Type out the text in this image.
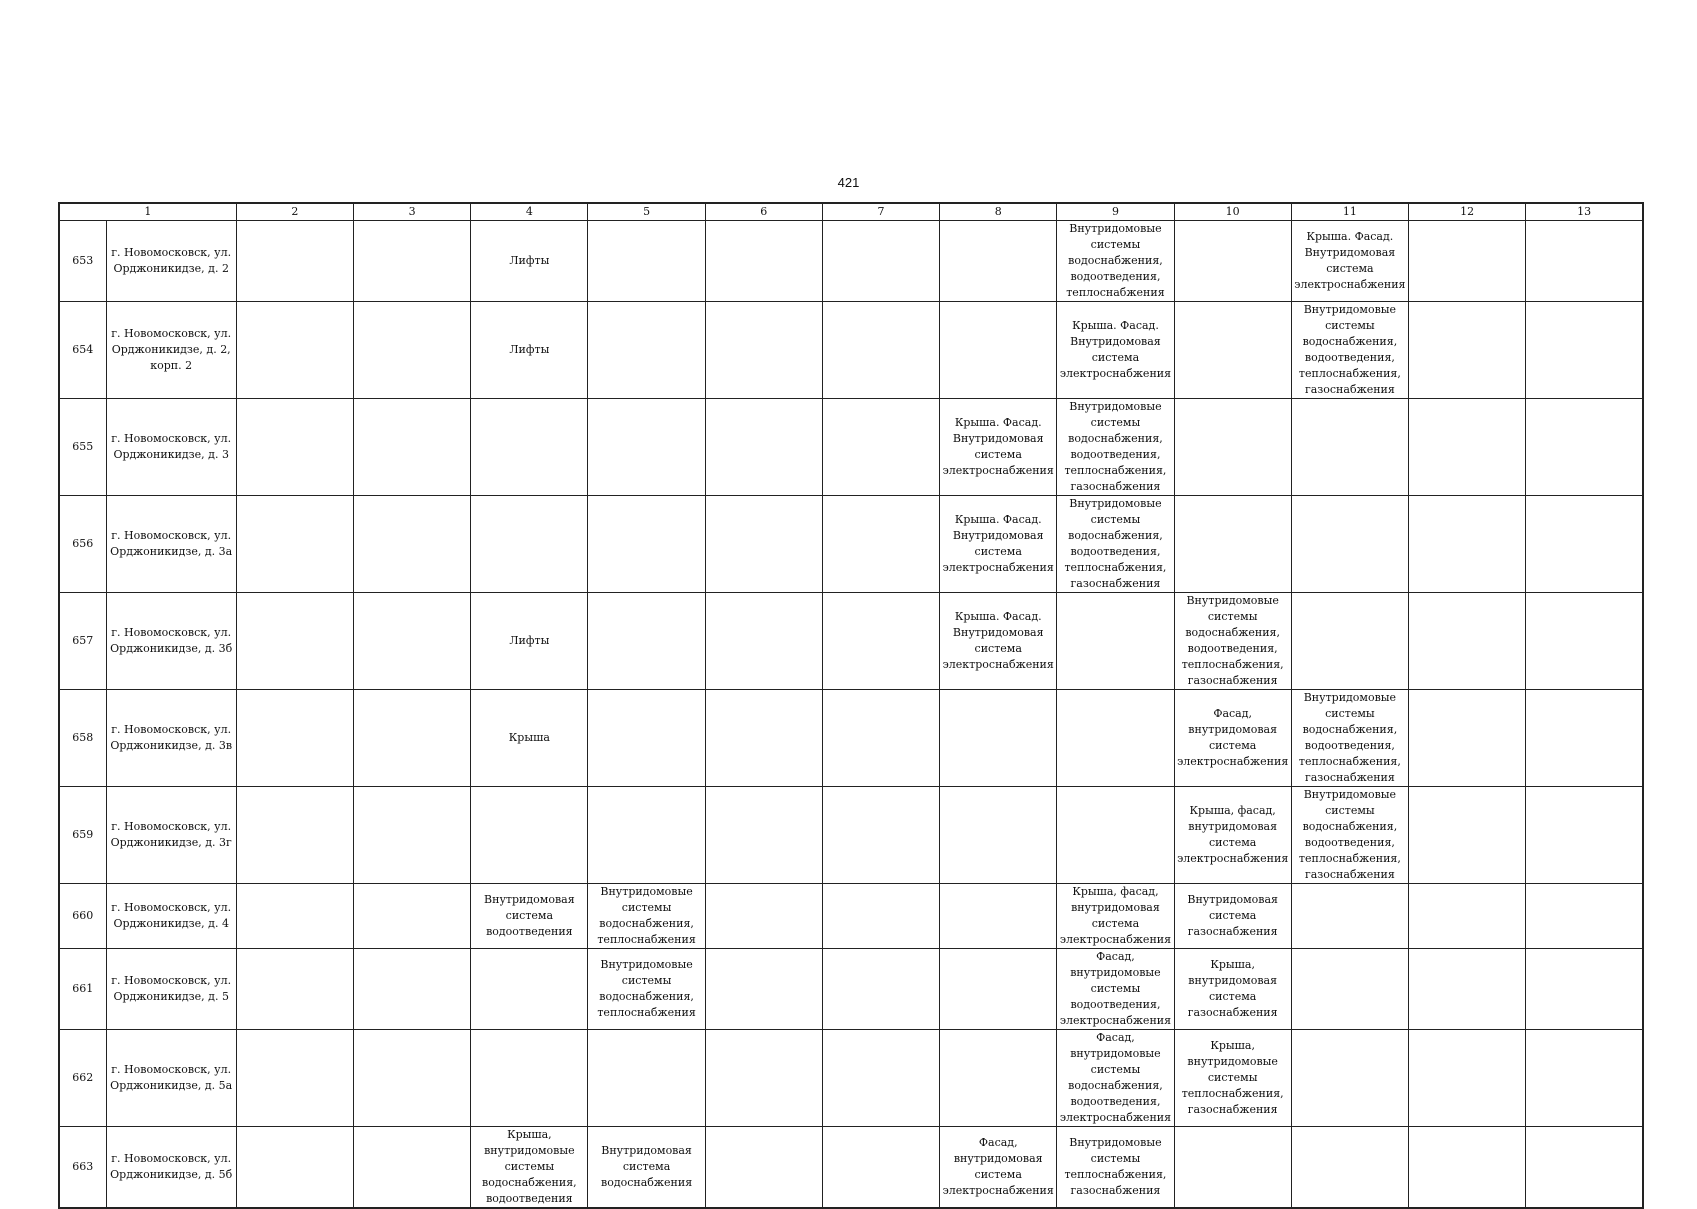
421
1		2	3	4	5	6	7	8	9	10	11	12	13
653	г. Новомосковск, ул. Орджоникидзе, д. 2			Лифты					Внутридомовые системы водоснабжения, водоотведения, теплоснабжения		Крыша. Фасад. Внутридомовая система электроснабжения		
654	г. Новомосковск, ул. Орджоникидзе, д. 2, корп. 2			Лифты					Крыша. Фасад. Внутридомовая система электроснабжения		Внутридомовые системы водоснабжения, водоотведения, теплоснабжения, газоснабжения		
655	г. Новомосковск, ул. Орджоникидзе, д. 3							Крыша. Фасад. Внутридомовая система электроснабжения	Внутридомовые системы водоснабжения, водоотведения, теплоснабжения, газоснабжения				
656	г. Новомосковск, ул. Орджоникидзе, д. 3а							Крыша. Фасад. Внутридомовая система электроснабжения	Внутридомовые системы водоснабжения, водоотведения, теплоснабжения, газоснабжения				
657	г. Новомосковск, ул. Орджоникидзе, д. 3б			Лифты				Крыша. Фасад. Внутридомовая система электроснабжения		Внутридомовые системы водоснабжения, водоотведения, теплоснабжения, газоснабжения			
658	г. Новомосковск, ул. Орджоникидзе, д. 3в			Крыша						Фасад, внутридомовая система электроснабжения	Внутридомовые системы водоснабжения, водоотведения, теплоснабжения, газоснабжения		
659	г. Новомосковск, ул. Орджоникидзе, д. 3г									Крыша, фасад, внутридомовая система электроснабжения	Внутридомовые системы водоснабжения, водоотведения, теплоснабжения, газоснабжения		
660	г. Новомосковск, ул. Орджоникидзе, д. 4			Внутридомовая система водоотведения	Внутридомовые системы водоснабжения, теплоснабжения				Крыша, фасад, внутридомовая система электроснабжения	Внутридомовая система газоснабжения			
661	г. Новомосковск, ул. Орджоникидзе, д. 5				Внутридомовые системы водоснабжения, теплоснабжения				Фасад, внутридомовые системы водоотведения, электроснабжения	Крыша, внутридомовая система газоснабжения			
662	г. Новомосковск, ул. Орджоникидзе, д. 5а								Фасад, внутридомовые системы водоснабжения, водоотведения, электроснабжения	Крыша, внутридомовые системы теплоснабжения, газоснабжения			
663	г. Новомосковск, ул. Орджоникидзе, д. 5б			Крыша, внутридомовые системы водоснабжения, водоотведения	Внутридомовая система водоснабжения			Фасад, внутридомовая система электроснабжения	Внутридомовые системы теплоснабжения, газоснабжения				
